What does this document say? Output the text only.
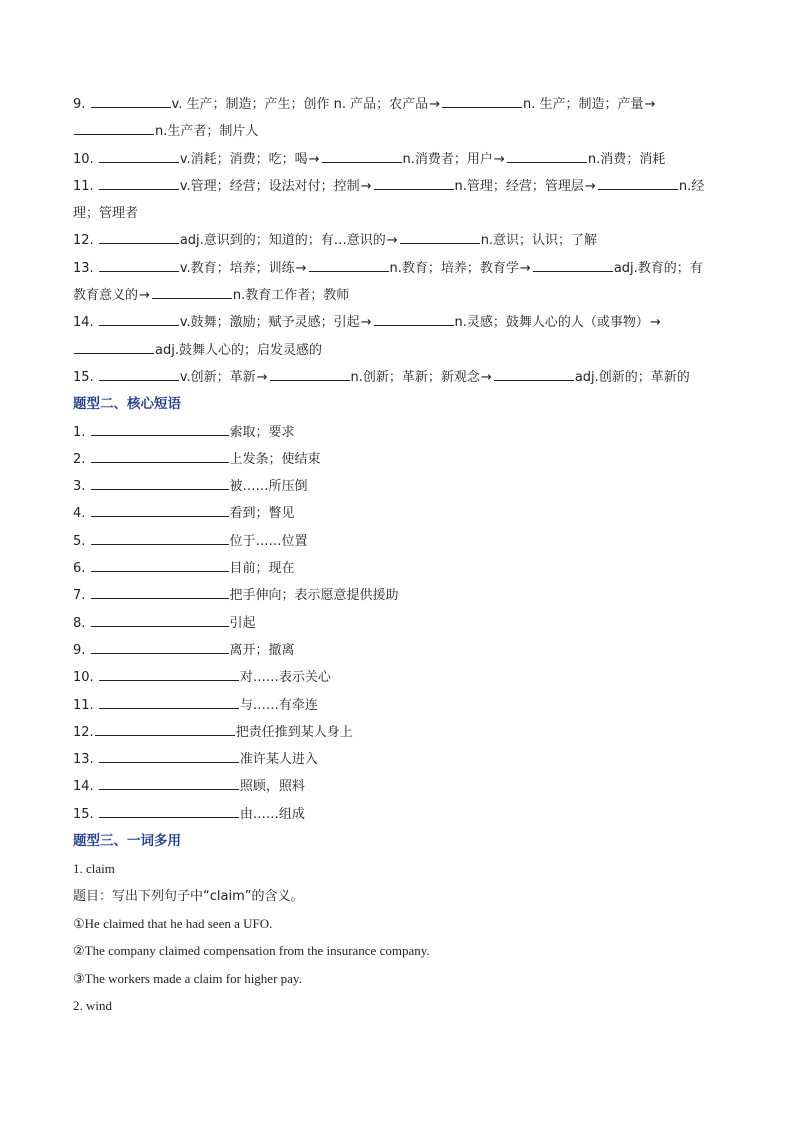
9.	v. 生产；制造；产生；创作 n. 产品；农产品→	n. 生产；制造；产量→
n.生产者；制片人
10.	v.消耗；消费；吃；喝→	n.消费者；用户→	n.消费；消耗
11.	v.管理；经营；设法对付；控制→	n.管理；经营；管理层→	n.经
理；管理者
12.	adj.意识到的；知道的；有…意识的→	n.意识；认识；了解
13.	v.教育；培养；训练→	n.教育；培养；教育学→	adj.教育的；有
教育意义的→	n.教育工作者；教师
14.	v.鼓舞；激励；赋予灵感；引起→	n.灵感；鼓舞人心的人（或事物）→
adj.鼓舞人心的；启发灵感的
15.	v.创新；革新→	n.创新；革新；新观念→	adj.创新的；革新的
题型二、核心短语
1.	索取；要求
2.	上发条；使结束
3.	被……所压倒
4.	看到；瞥见
5.	位于……位置
6.	目前；现在
7.	把手伸向；表示愿意提供援助
8.	引起
9.	离开；撤离
10.	对……表示关心
11.	与……有牵连
12.	把责任推到某人身上
13.	准许某人进入
14.	照顾，照料
15.	由……组成
题型三、一词多用
1. claim
题目：写出下列句子中“claim”的含义。
①He claimed that he had seen a UFO.
②The company claimed compensation from the insurance company.
③The workers made a claim for higher pay.
2. wind
